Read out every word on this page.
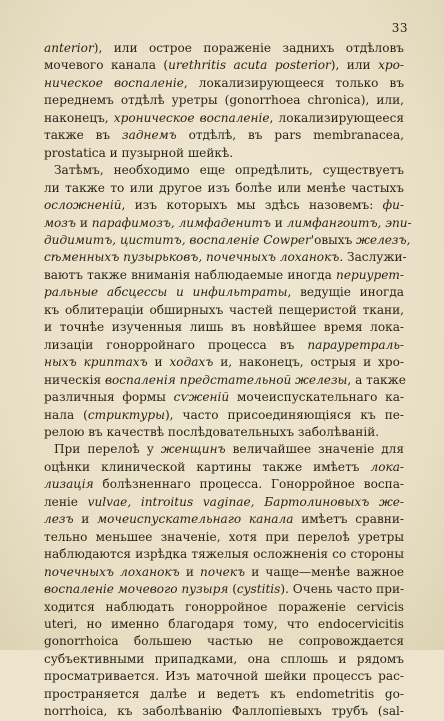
33
anterior), или острое пораженiе заднихъ отдѣловъ
мочевого канала (urethritis acuta posterior), или хро-
ническое воспаленiе, локализирующееся только въ
переднемъ отдѣлѣ уретры (gonorrhoea chronica), или,
наконецъ, хроническое воспаленiе, локализирующееся
также въ заднемъ отдѣлѣ, въ pars membranacea,
prostatica и пузырной шейкѣ.
Затѣмъ, необходимо еще опредѣлить, существуетъ
ли также то или другое изъ болѣе или менѣе частыхъ
осложненiй, изъ которыхъ мы здѣсь назовемъ: фи-
мозъ и парафимозъ, лимфаденитъ и лимфангоитъ, эпи-
дидимитъ, циститъ, воспаленiе Cowper'овыхъ железъ,
сѣменныхъ пузырьковъ, почечныхъ лоханокъ. Заслужи-
ваютъ также вниманiя наблюдаемые иногда периурет-
ральные абсцессы и инфильтраты, ведущiе иногда
къ облитерацiи обширныхъ частей пещеристой ткани,
и точнѣе изученныя лишь въ новѣйшее время локa-
лизацiи гонорройнаго процесса въ параурeтраль-
ныхъ криптахъ и ходахъ и, наконецъ, острыя и хро-
ническiя воспаленiя предстательной железы, а также
различныя формы сѵженiй мочеиспускательнаго ка-
нала (стриктуры), часто присоединяющiяся къ пе-
релою въ качествѣ послѣдовательныхъ заболѣванiй.
При перелоѣ у женщинъ величайшее значенiе для
оцѣнки клинической картины также имѣетъ лока-
лизацiя болѣзненнаго процесса. Гонорройное воспа-
ленiе vulvae, introitus vaginae, Бартолиновыхъ же-
лезъ и мочеиспускательнаго канала имѣетъ сравни-
тельно меньшее значенiе, хотя при перелоѣ уретры
наблюдаются изрѣдка тяжелыя осложненiя со стороны
почечныхъ лоханокъ и почекъ и чаще—менѣе важное
воспаленiе мочевого пузыря (cystitis). Очень часто при-
ходится наблюдать гонорройное пораженiе cervicis
uteri, но именно благодаря тому, что endocervicitis
gonorrhoica большею частью не сопровождается
субъективными припадками, она сплошь и рядомъ
просматривается. Изъ маточной шейки процессъ рас-
пространяется далѣе и ведетъ къ endometritis go-
norrhoica, къ заболѣванiю Фаллопiевыхъ трубъ (sal-
